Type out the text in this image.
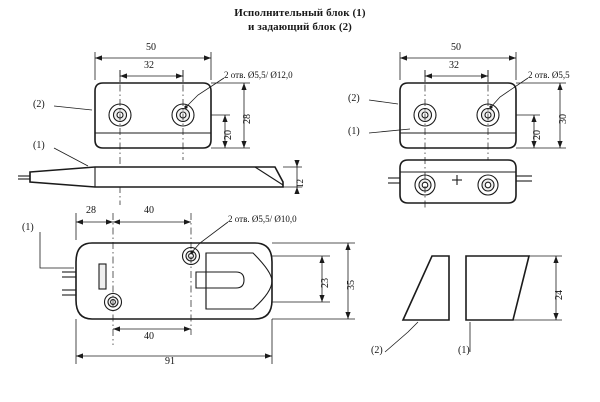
Исполнительный блок (1)
и задающий блок (2)
50
32
28
20
12
2 отв. Ø5,5/ Ø12,0
(2)
(1)
50
32
30
20
2 отв. Ø5,5
(2)
(1)
28	40
40
91
35
23
2 отв. Ø5,5/ Ø10,0
(1)
24
(2)	(1)
